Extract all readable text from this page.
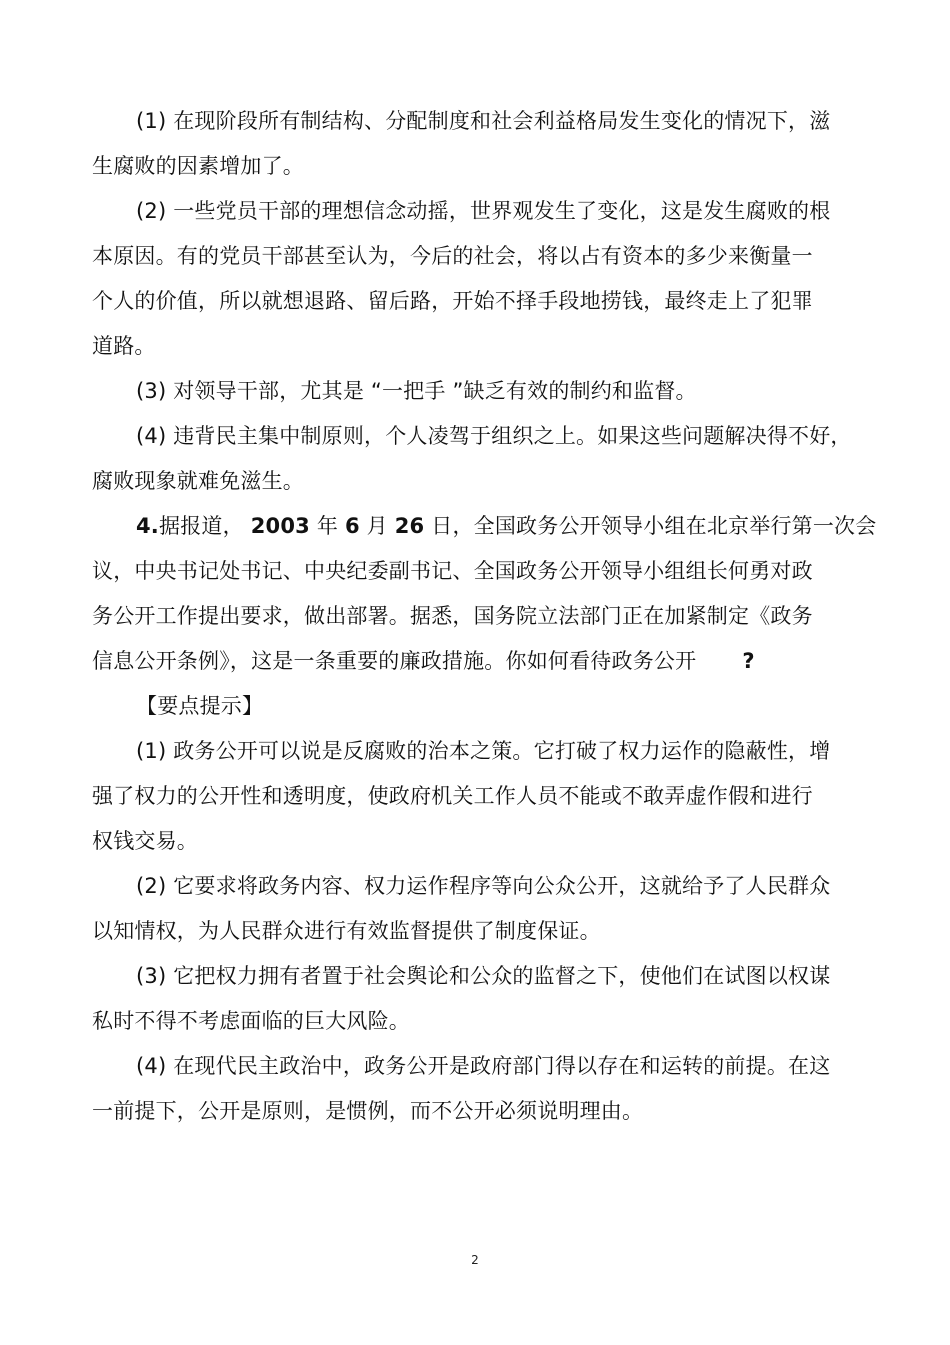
(1) 在现阶段所有制结构、分配制度和社会利益格局发生变化的情况下，滋
生腐败的因素增加了。
(2) 一些党员干部的理想信念动摇，世界观发生了变化，这是发生腐败的根
本原因。有的党员干部甚至认为，今后的社会，将以占有资本的多少来衡量一
个人的价值，所以就想退路、留后路，开始不择手段地捞钱，最终走上了犯罪
道路。
(3) 对领导干部，尤其是 “一把手 ”缺乏有效的制约和监督。
(4) 违背民主集中制原则，个人凌驾于组织之上。如果这些问题解决得不好，
腐败现象就难免滋生。
4.据报道， 2003 年 6 月 26 日，全国政务公开领导小组在北京举行第一次会
议，中央书记处书记、中央纪委副书记、全国政务公开领导小组组长何勇对政
务公开工作提出要求，做出部署。据悉，国务院立法部门正在加紧制定《政务
信息公开条例》，这是一条重要的廉政措施。你如何看待政务公开 ?
【要点提示】
(1) 政务公开可以说是反腐败的治本之策。它打破了权力运作的隐蔽性，增
强了权力的公开性和透明度，使政府机关工作人员不能或不敢弄虚作假和进行
权钱交易。
(2) 它要求将政务内容、权力运作程序等向公众公开，这就给予了人民群众
以知情权，为人民群众进行有效监督提供了制度保证。
(3) 它把权力拥有者置于社会舆论和公众的监督之下，使他们在试图以权谋
私时不得不考虑面临的巨大风险。
(4) 在现代民主政治中，政务公开是政府部门得以存在和运转的前提。在这
一前提下，公开是原则，是惯例，而不公开必须说明理由。
2
